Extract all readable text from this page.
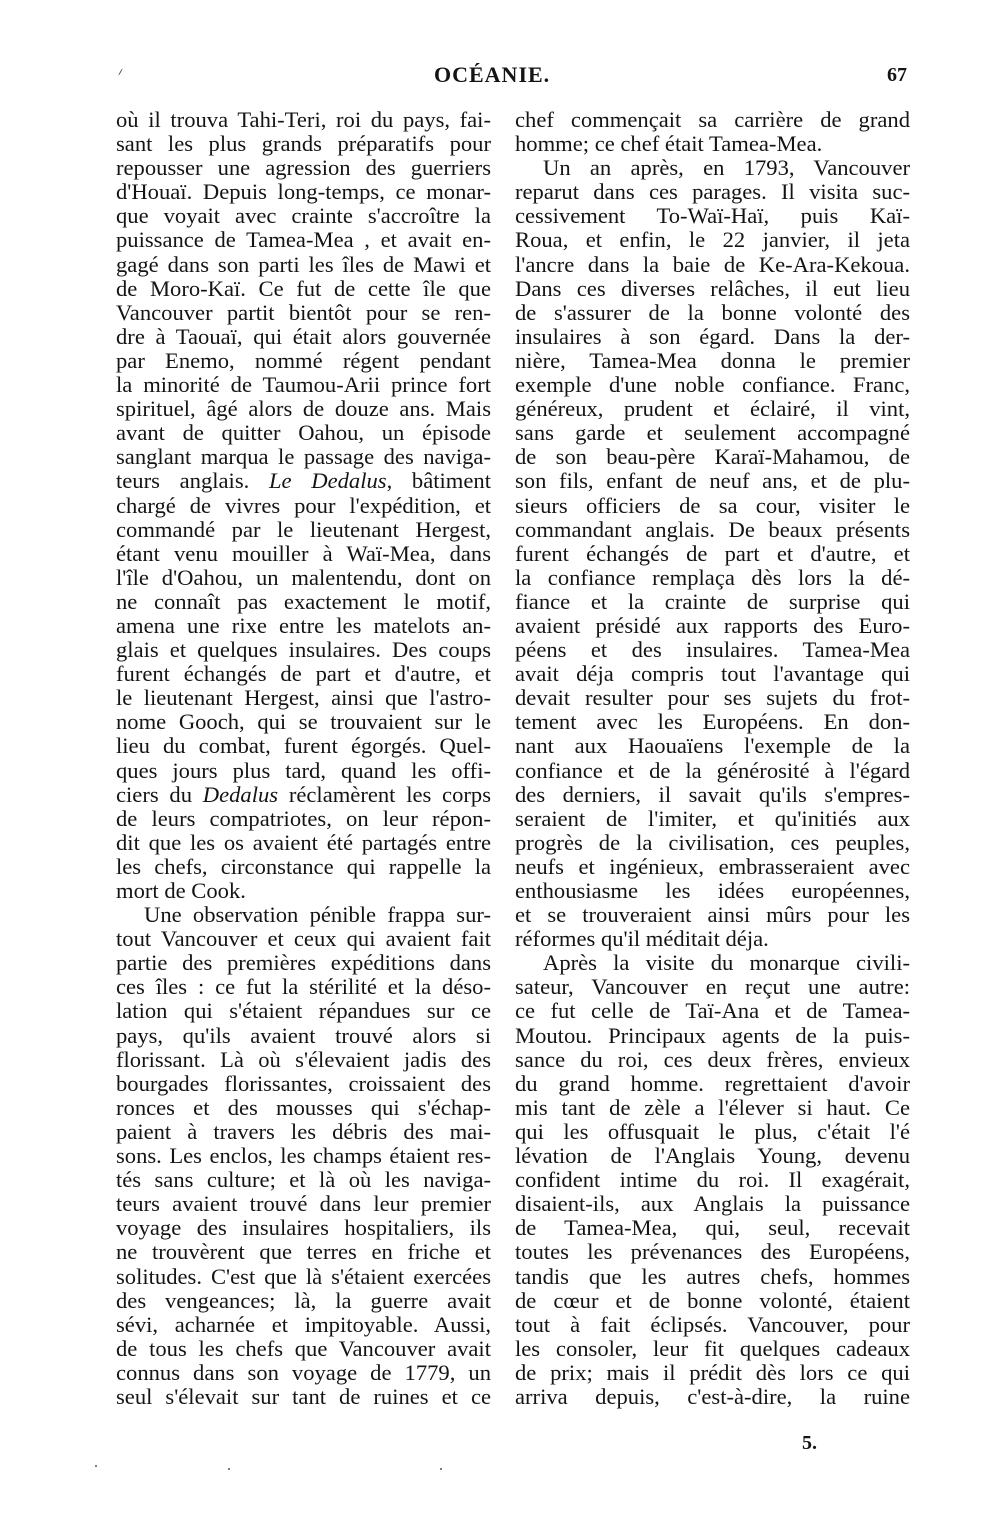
OCÉANIE.	67
où il trouva Tahi-Teri, roi du pays, fai-
sant les plus grands préparatifs pour
repousser une agression des guerriers
d'Houaï. Depuis long-temps, ce monar-
que voyait avec crainte s'accroître la
puissance de Tamea-Mea , et avait en-
gagé dans son parti les îles de Mawi et
de Moro-Kaï. Ce fut de cette île que
Vancouver partit bientôt pour se ren-
dre à Taouaï, qui était alors gouvernée
par Enemo, nommé régent pendant
la minorité de Taumou-Arii prince fort
spirituel, âgé alors de douze ans. Mais
avant de quitter Oahou, un épisode
sanglant marqua le passage des naviga-
teurs anglais. Le Dedalus, bâtiment
chargé de vivres pour l'expédition, et
commandé par le lieutenant Hergest,
étant venu mouiller à Waï-Mea, dans
l'île d'Oahou, un malentendu, dont on
ne connaît pas exactement le motif,
amena une rixe entre les matelots an-
glais et quelques insulaires. Des coups
furent échangés de part et d'autre, et
le lieutenant Hergest, ainsi que l'astro-
nome Gooch, qui se trouvaient sur le
lieu du combat, furent égorgés. Quel-
ques jours plus tard, quand les offi-
ciers du Dedalus réclamèrent les corps
de leurs compatriotes, on leur répon-
dit que les os avaient été partagés entre
les chefs, circonstance qui rappelle la
mort de Cook.
Une observation pénible frappa sur-
tout Vancouver et ceux qui avaient fait
partie des premières expéditions dans
ces îles : ce fut la stérilité et la déso-
lation qui s'étaient répandues sur ce
pays, qu'ils avaient trouvé alors si
florissant. Là où s'élevaient jadis des
bourgades florissantes, croissaient des
ronces et des mousses qui s'échap-
paient à travers les débris des mai-
sons. Les enclos, les champs étaient res-
tés sans culture; et là où les naviga-
teurs avaient trouvé dans leur premier
voyage des insulaires hospitaliers, ils
ne trouvèrent que terres en friche et
solitudes. C'est que là s'étaient exercées
des vengeances; là, la guerre avait
sévi, acharnée et impitoyable. Aussi,
de tous les chefs que Vancouver avait
connus dans son voyage de 1779, un
seul s'élevait sur tant de ruines et ce
chef commençait sa carrière de grand
homme; ce chef était Tamea-Mea.
Un an après, en 1793, Vancouver
reparut dans ces parages. Il visita suc-
cessivement To-Waï-Haï, puis Kaï-
Roua, et enfin, le 22 janvier, il jeta
l'ancre dans la baie de Ke-Ara-Kekoua.
Dans ces diverses relâches, il eut lieu
de s'assurer de la bonne volonté des
insulaires à son égard. Dans la der-
nière, Tamea-Mea donna le premier
exemple d'une noble confiance. Franc,
généreux, prudent et éclairé, il vint,
sans garde et seulement accompagné
de son beau-père Karaï-Mahamou, de
son fils, enfant de neuf ans, et de plu-
sieurs officiers de sa cour, visiter le
commandant anglais. De beaux présents
furent échangés de part et d'autre, et
la confiance remplaça dès lors la dé-
fiance et la crainte de surprise qui
avaient présidé aux rapports des Euro-
péens et des insulaires. Tamea-Mea
avait déja compris tout l'avantage qui
devait resulter pour ses sujets du frot-
tement avec les Européens. En don-
nant aux Haouaïens l'exemple de la
confiance et de la générosité à l'égard
des derniers, il savait qu'ils s'empres-
seraient de l'imiter, et qu'initiés aux
progrès de la civilisation, ces peuples,
neufs et ingénieux, embrasseraient avec
enthousiasme les idées européennes,
et se trouveraient ainsi mûrs pour les
réformes qu'il méditait déja.
Après la visite du monarque civili-
sateur, Vancouver en reçut une autre:
ce fut celle de Taï-Ana et de Tamea-
Moutou. Principaux agents de la puis-
sance du roi, ces deux frères, envieux
du grand homme. regrettaient d'avoir
mis tant de zèle a l'élever si haut. Ce
qui les offusquait le plus, c'était l'é
lévation de l'Anglais Young, devenu
confident intime du roi. Il exagérait,
disaient-ils, aux Anglais la puissance
de Tamea-Mea, qui, seul, recevait
toutes les prévenances des Européens,
tandis que les autres chefs, hommes
de cœur et de bonne volonté, étaient
tout à fait éclipsés. Vancouver, pour
les consoler, leur fit quelques cadeaux
de prix; mais il prédit dès lors ce qui
arriva depuis, c'est-à-dire, la ruine
5.
